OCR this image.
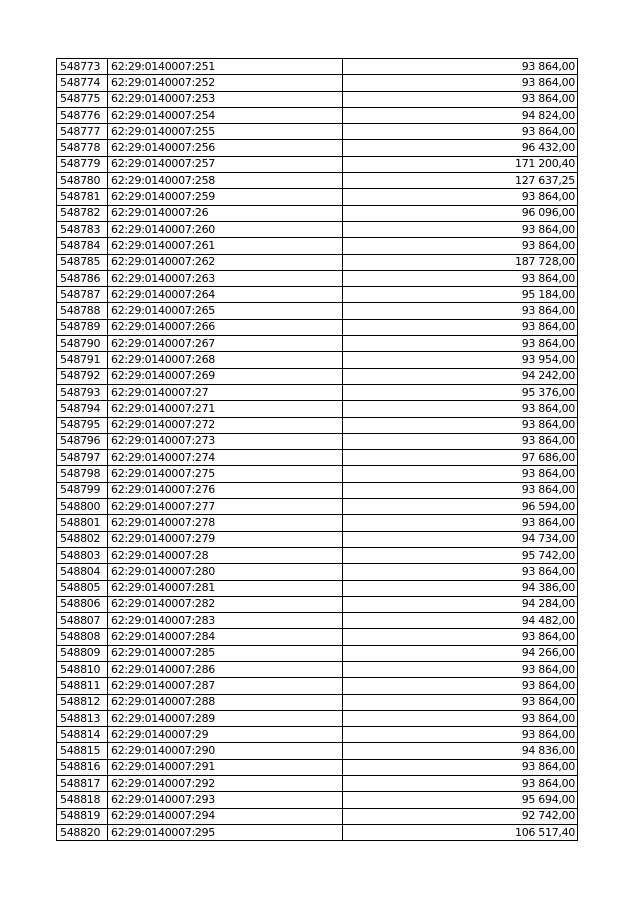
548773	62:29:0140007:251	93 864,00
548774	62:29:0140007:252	93 864,00
548775	62:29:0140007:253	93 864,00
548776	62:29:0140007:254	94 824,00
548777	62:29:0140007:255	93 864,00
548778	62:29:0140007:256	96 432,00
548779	62:29:0140007:257	171 200,40
548780	62:29:0140007:258	127 637,25
548781	62:29:0140007:259	93 864,00
548782	62:29:0140007:26	96 096,00
548783	62:29:0140007:260	93 864,00
548784	62:29:0140007:261	93 864,00
548785	62:29:0140007:262	187 728,00
548786	62:29:0140007:263	93 864,00
548787	62:29:0140007:264	95 184,00
548788	62:29:0140007:265	93 864,00
548789	62:29:0140007:266	93 864,00
548790	62:29:0140007:267	93 864,00
548791	62:29:0140007:268	93 954,00
548792	62:29:0140007:269	94 242,00
548793	62:29:0140007:27	95 376,00
548794	62:29:0140007:271	93 864,00
548795	62:29:0140007:272	93 864,00
548796	62:29:0140007:273	93 864,00
548797	62:29:0140007:274	97 686,00
548798	62:29:0140007:275	93 864,00
548799	62:29:0140007:276	93 864,00
548800	62:29:0140007:277	96 594,00
548801	62:29:0140007:278	93 864,00
548802	62:29:0140007:279	94 734,00
548803	62:29:0140007:28	95 742,00
548804	62:29:0140007:280	93 864,00
548805	62:29:0140007:281	94 386,00
548806	62:29:0140007:282	94 284,00
548807	62:29:0140007:283	94 482,00
548808	62:29:0140007:284	93 864,00
548809	62:29:0140007:285	94 266,00
548810	62:29:0140007:286	93 864,00
548811	62:29:0140007:287	93 864,00
548812	62:29:0140007:288	93 864,00
548813	62:29:0140007:289	93 864,00
548814	62:29:0140007:29	93 864,00
548815	62:29:0140007:290	94 836,00
548816	62:29:0140007:291	93 864,00
548817	62:29:0140007:292	93 864,00
548818	62:29:0140007:293	95 694,00
548819	62:29:0140007:294	92 742,00
548820	62:29:0140007:295	106 517,40
